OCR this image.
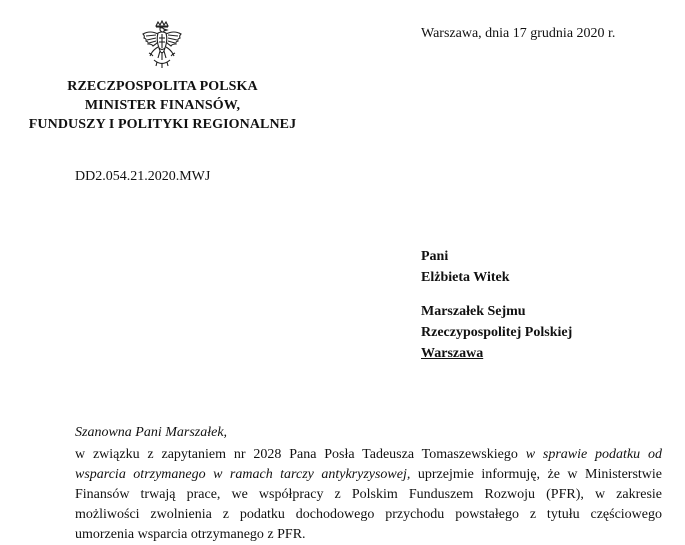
RZECZPOSPOLITA POLSKA
MINISTER FINANSÓW,
FUNDUSZY I POLITYKI REGIONALNEJ
Warszawa, dnia 17 grudnia 2020 r.
DD2.054.21.2020.MWJ
Pani
Elżbieta Witek
Marszałek Sejmu
Rzeczypospolitej Polskiej
Warszawa
Szanowna Pani Marszałek,
w związku z zapytaniem nr 2028 Pana Posła Tadeusza Tomaszewskiego w sprawie podatku od
wsparcia otrzymanego w ramach tarczy antykryzysowej, uprzejmie informuję, że w Ministerstwie
Finansów trwają prace, we współpracy z Polskim Funduszem Rozwoju (PFR), w zakresie
możliwości zwolnienia z podatku dochodowego przychodu powstałego z tytułu częściowego
umorzenia wsparcia otrzymanego z PFR.
